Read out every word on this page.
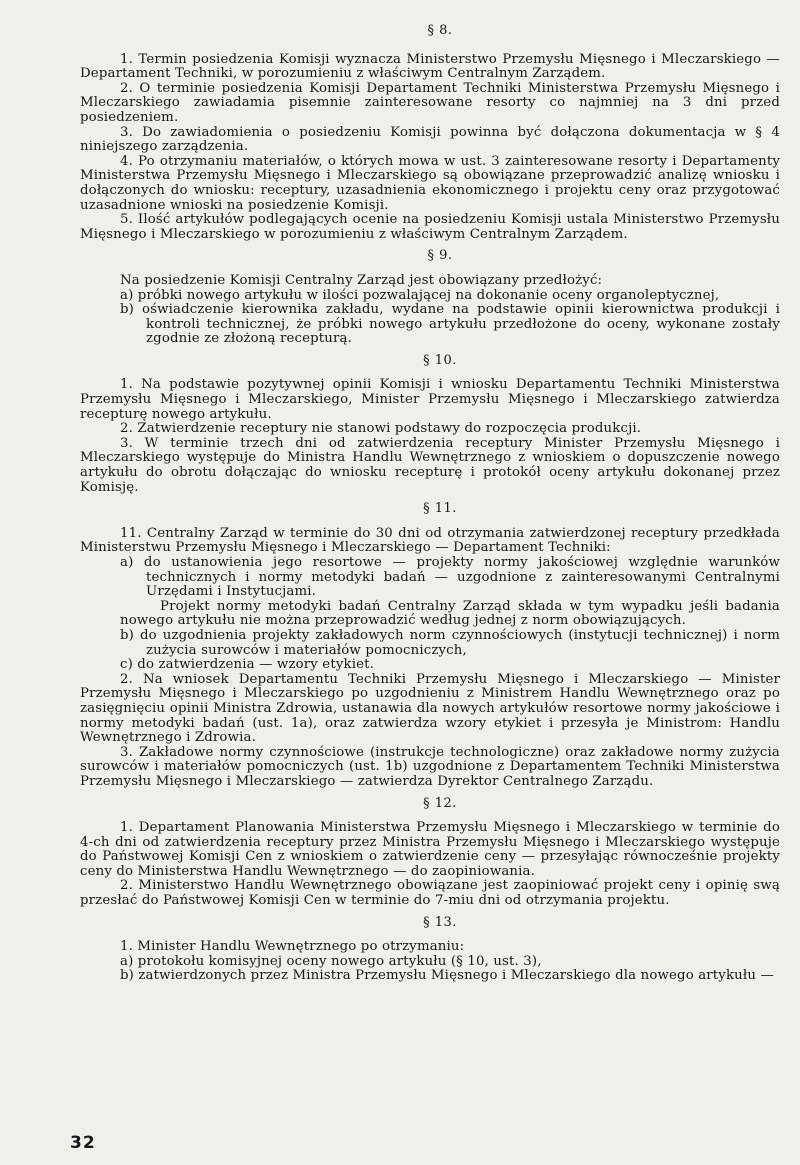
§ 8.

1. Termin posiedzenia Komisji wyznacza Ministerstwo Przemysłu Mięsnego i Mleczarskiego — Departament Techniki, w porozumieniu z właściwym Centralnym Zarządem.

2. O terminie posiedzenia Komisji Departament Techniki Ministerstwa Przemysłu Mięsnego i Mleczarskiego zawiadamia pisemnie zainteresowane resorty co najmniej na 3 dni przed posiedzeniem.

3. Do zawiadomienia o posiedzeniu Komisji powinna być dołączona dokumentacja w § 4 niniejszego zarządzenia.

4. Po otrzymaniu materiałów, o których mowa w ust. 3 zainteresowane resorty i Departamenty Ministerstwa Przemysłu Mięsnego i Mleczarskiego są obowiązane przeprowadzić analizę wniosku i dołączonych do wniosku: receptury, uzasadnienia ekonomicznego i projektu ceny oraz przygotować uzasadnione wnioski na posiedzenie Komisji.

5. Ilość artykułów podlegających ocenie na posiedzeniu Komisji ustala Ministerstwo Przemysłu Mięsnego i Mleczarskiego w porozumieniu z właściwym Centralnym Zarządem.

§ 9.

Na posiedzenie Komisji Centralny Zarząd jest obowiązany przedłożyć:

a) próbki nowego artykułu w ilości pozwalającej na dokonanie oceny organoleptycznej,

b) oświadczenie kierownika zakładu, wydane na podstawie opinii kierownictwa produkcji i kontroli technicznej, że próbki nowego artykułu przedłożone do oceny, wykonane zostały zgodnie ze złożoną recepturą.

§ 10.

1. Na podstawie pozytywnej opinii Komisji i wniosku Departamentu Techniki Ministerstwa Przemysłu Mięsnego i Mleczarskiego, Minister Przemysłu Mięsnego i Mleczarskiego zatwierdza recepturę nowego artykułu.

2. Zatwierdzenie receptury nie stanowi podstawy do rozpoczęcia produkcji.

3. W terminie trzech dni od zatwierdzenia receptury Minister Przemysłu Mięsnego i Mleczarskiego występuje do Ministra Handlu Wewnętrznego z wnioskiem o dopuszczenie nowego artykułu do obrotu dołączając do wniosku recepturę i protokół oceny artykułu dokonanej przez Komisję.

§ 11.

11. Centralny Zarząd w terminie do 30 dni od otrzymania zatwierdzonej receptury przedkłada Ministerstwu Przemysłu Mięsnego i Mleczarskiego — Departament Techniki:

a) do ustanowienia jego resortowe — projekty normy jakościowej względnie warunków technicznych i normy metodyki badań — uzgodnione z zainteresowanymi Centralnymi Urzędami i Instytucjami.

Projekt normy metodyki badań Centralny Zarząd składa w tym wypadku jeśli badania nowego artykułu nie można przeprowadzić według jednej z norm obowiązujących.

b) do uzgodnienia projekty zakładowych norm czynnościowych (instytucji technicznej) i norm zużycia surowców i materiałów pomocniczych,

c) do zatwierdzenia — wzory etykiet.

2. Na wniosek Departamentu Techniki Przemysłu Mięsnego i Mleczarskiego — Minister Przemysłu Mięsnego i Mleczarskiego po uzgodnieniu z Ministrem Handlu Wewnętrznego oraz po zasięgnięciu opinii Ministra Zdrowia, ustanawia dla nowych artykułów resortowe normy jakościowe i normy metodyki badań (ust. 1a), oraz zatwierdza wzory etykiet i przesyła je Ministrom: Handlu Wewnętrznego i Zdrowia.

3. Zakładowe normy czynnościowe (instrukcje technologiczne) oraz zakładowe normy zużycia surowców i materiałów pomocniczych (ust. 1b) uzgodnione z Departamentem Techniki Ministerstwa Przemysłu Mięsnego i Mleczarskiego — zatwierdza Dyrektor Centralnego Zarządu.

§ 12.

1. Departament Planowania Ministerstwa Przemysłu Mięsnego i Mleczarskiego w terminie do 4-ch dni od zatwierdzenia receptury przez Ministra Przemysłu Mięsnego i Mleczarskiego występuje do Państwowej Komisji Cen z wnioskiem o zatwierdzenie ceny — przesyłając równocześnie projekty ceny do Ministerstwa Handlu Wewnętrznego — do zaopiniowania.

2. Ministerstwo Handlu Wewnętrznego obowiązane jest zaopiniować projekt ceny i opinię swą przesłać do Państwowej Komisji Cen w terminie do 7-miu dni od otrzymania projektu.

§ 13.

1. Minister Handlu Wewnętrznego po otrzymaniu:

a) protokołu komisyjnej oceny nowego artykułu (§ 10, ust. 3),

b) zatwierdzonych przez Ministra Przemysłu Mięsnego i Mleczarskiego dla nowego artykułu —

32
